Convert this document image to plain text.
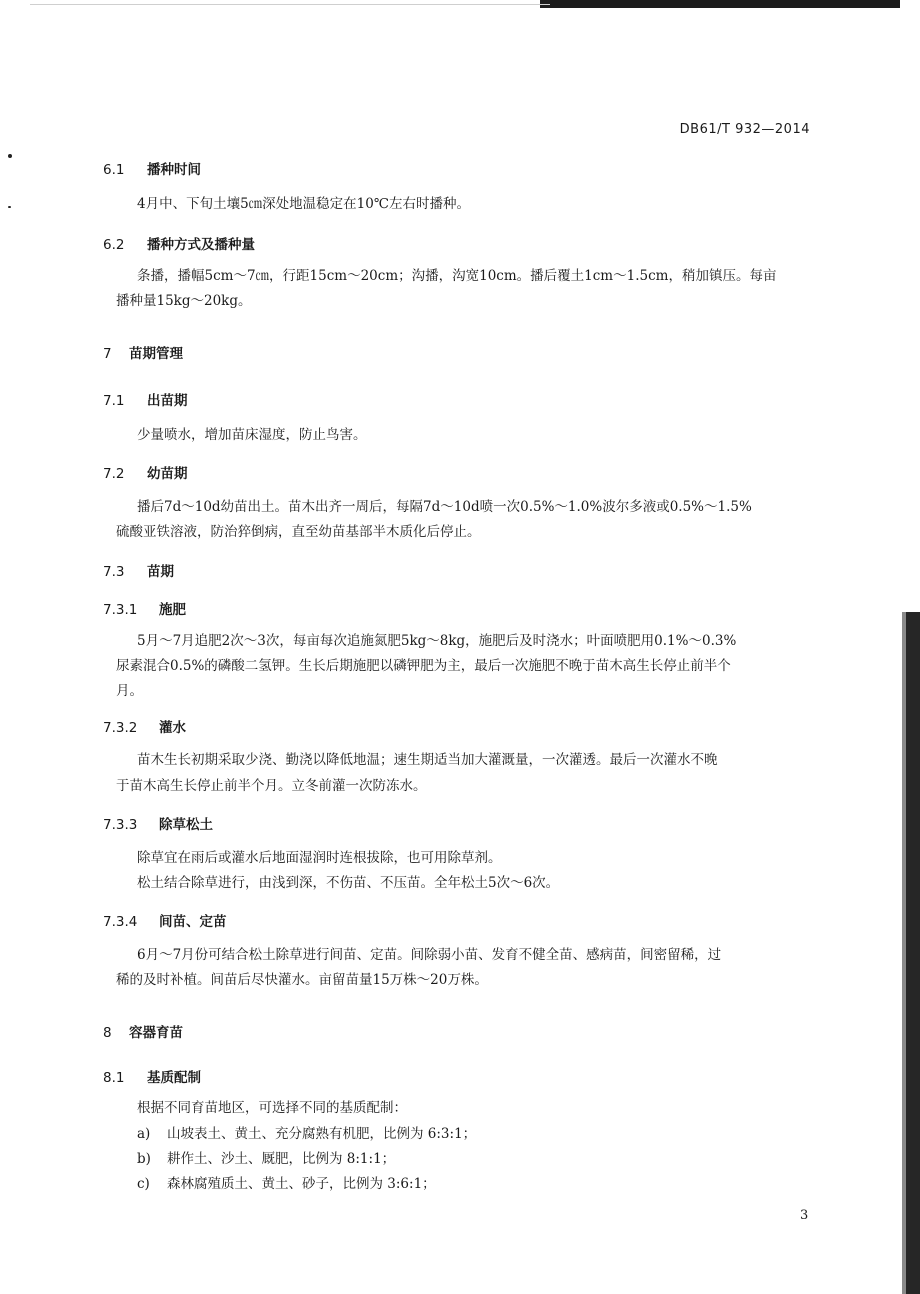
DB61/T 932—2014
6.1 播种时间
4月中、下旬土壤5㎝深处地温稳定在10℃左右时播种。
6.2 播种方式及播种量
条播，播幅5cm～7㎝，行距15cm～20cm；沟播，沟宽10cm。播后覆土1cm～1.5cm，稍加镇压。每亩
播种量15kg～20kg。
7 苗期管理
7.1 出苗期
少量喷水，增加苗床湿度，防止鸟害。
7.2 幼苗期
播后7d～10d幼苗出土。苗木出齐一周后，每隔7d～10d喷一次0.5%～1.0%波尔多液或0.5%～1.5%
硫酸亚铁溶液，防治猝倒病，直至幼苗基部半木质化后停止。
7.3 苗期
7.3.1 施肥
5月～7月追肥2次～3次，每亩每次追施氮肥5kg～8kg，施肥后及时浇水；叶面喷肥用0.1%～0.3%
尿素混合0.5%的磷酸二氢钾。生长后期施肥以磷钾肥为主，最后一次施肥不晚于苗木高生长停止前半个
月。
7.3.2 灌水
苗木生长初期采取少浇、勤浇以降低地温；速生期适当加大灌溉量，一次灌透。最后一次灌水不晚
于苗木高生长停止前半个月。立冬前灌一次防冻水。
7.3.3 除草松土
除草宜在雨后或灌水后地面湿润时连根拔除，也可用除草剂。
松土结合除草进行，由浅到深，不伤苗、不压苗。全年松土5次～6次。
7.3.4 间苗、定苗
6月～7月份可结合松土除草进行间苗、定苗。间除弱小苗、发育不健全苗、感病苗，间密留稀，过
稀的及时补植。间苗后尽快灌水。亩留苗量15万株～20万株。
8 容器育苗
8.1 基质配制
根据不同育苗地区，可选择不同的基质配制：
a) 山坡表土、黄土、充分腐熟有机肥，比例为 6:3:1；
b) 耕作土、沙土、厩肥，比例为 8:1:1；
c) 森林腐殖质土、黄土、砂子，比例为 3:6:1；
3
